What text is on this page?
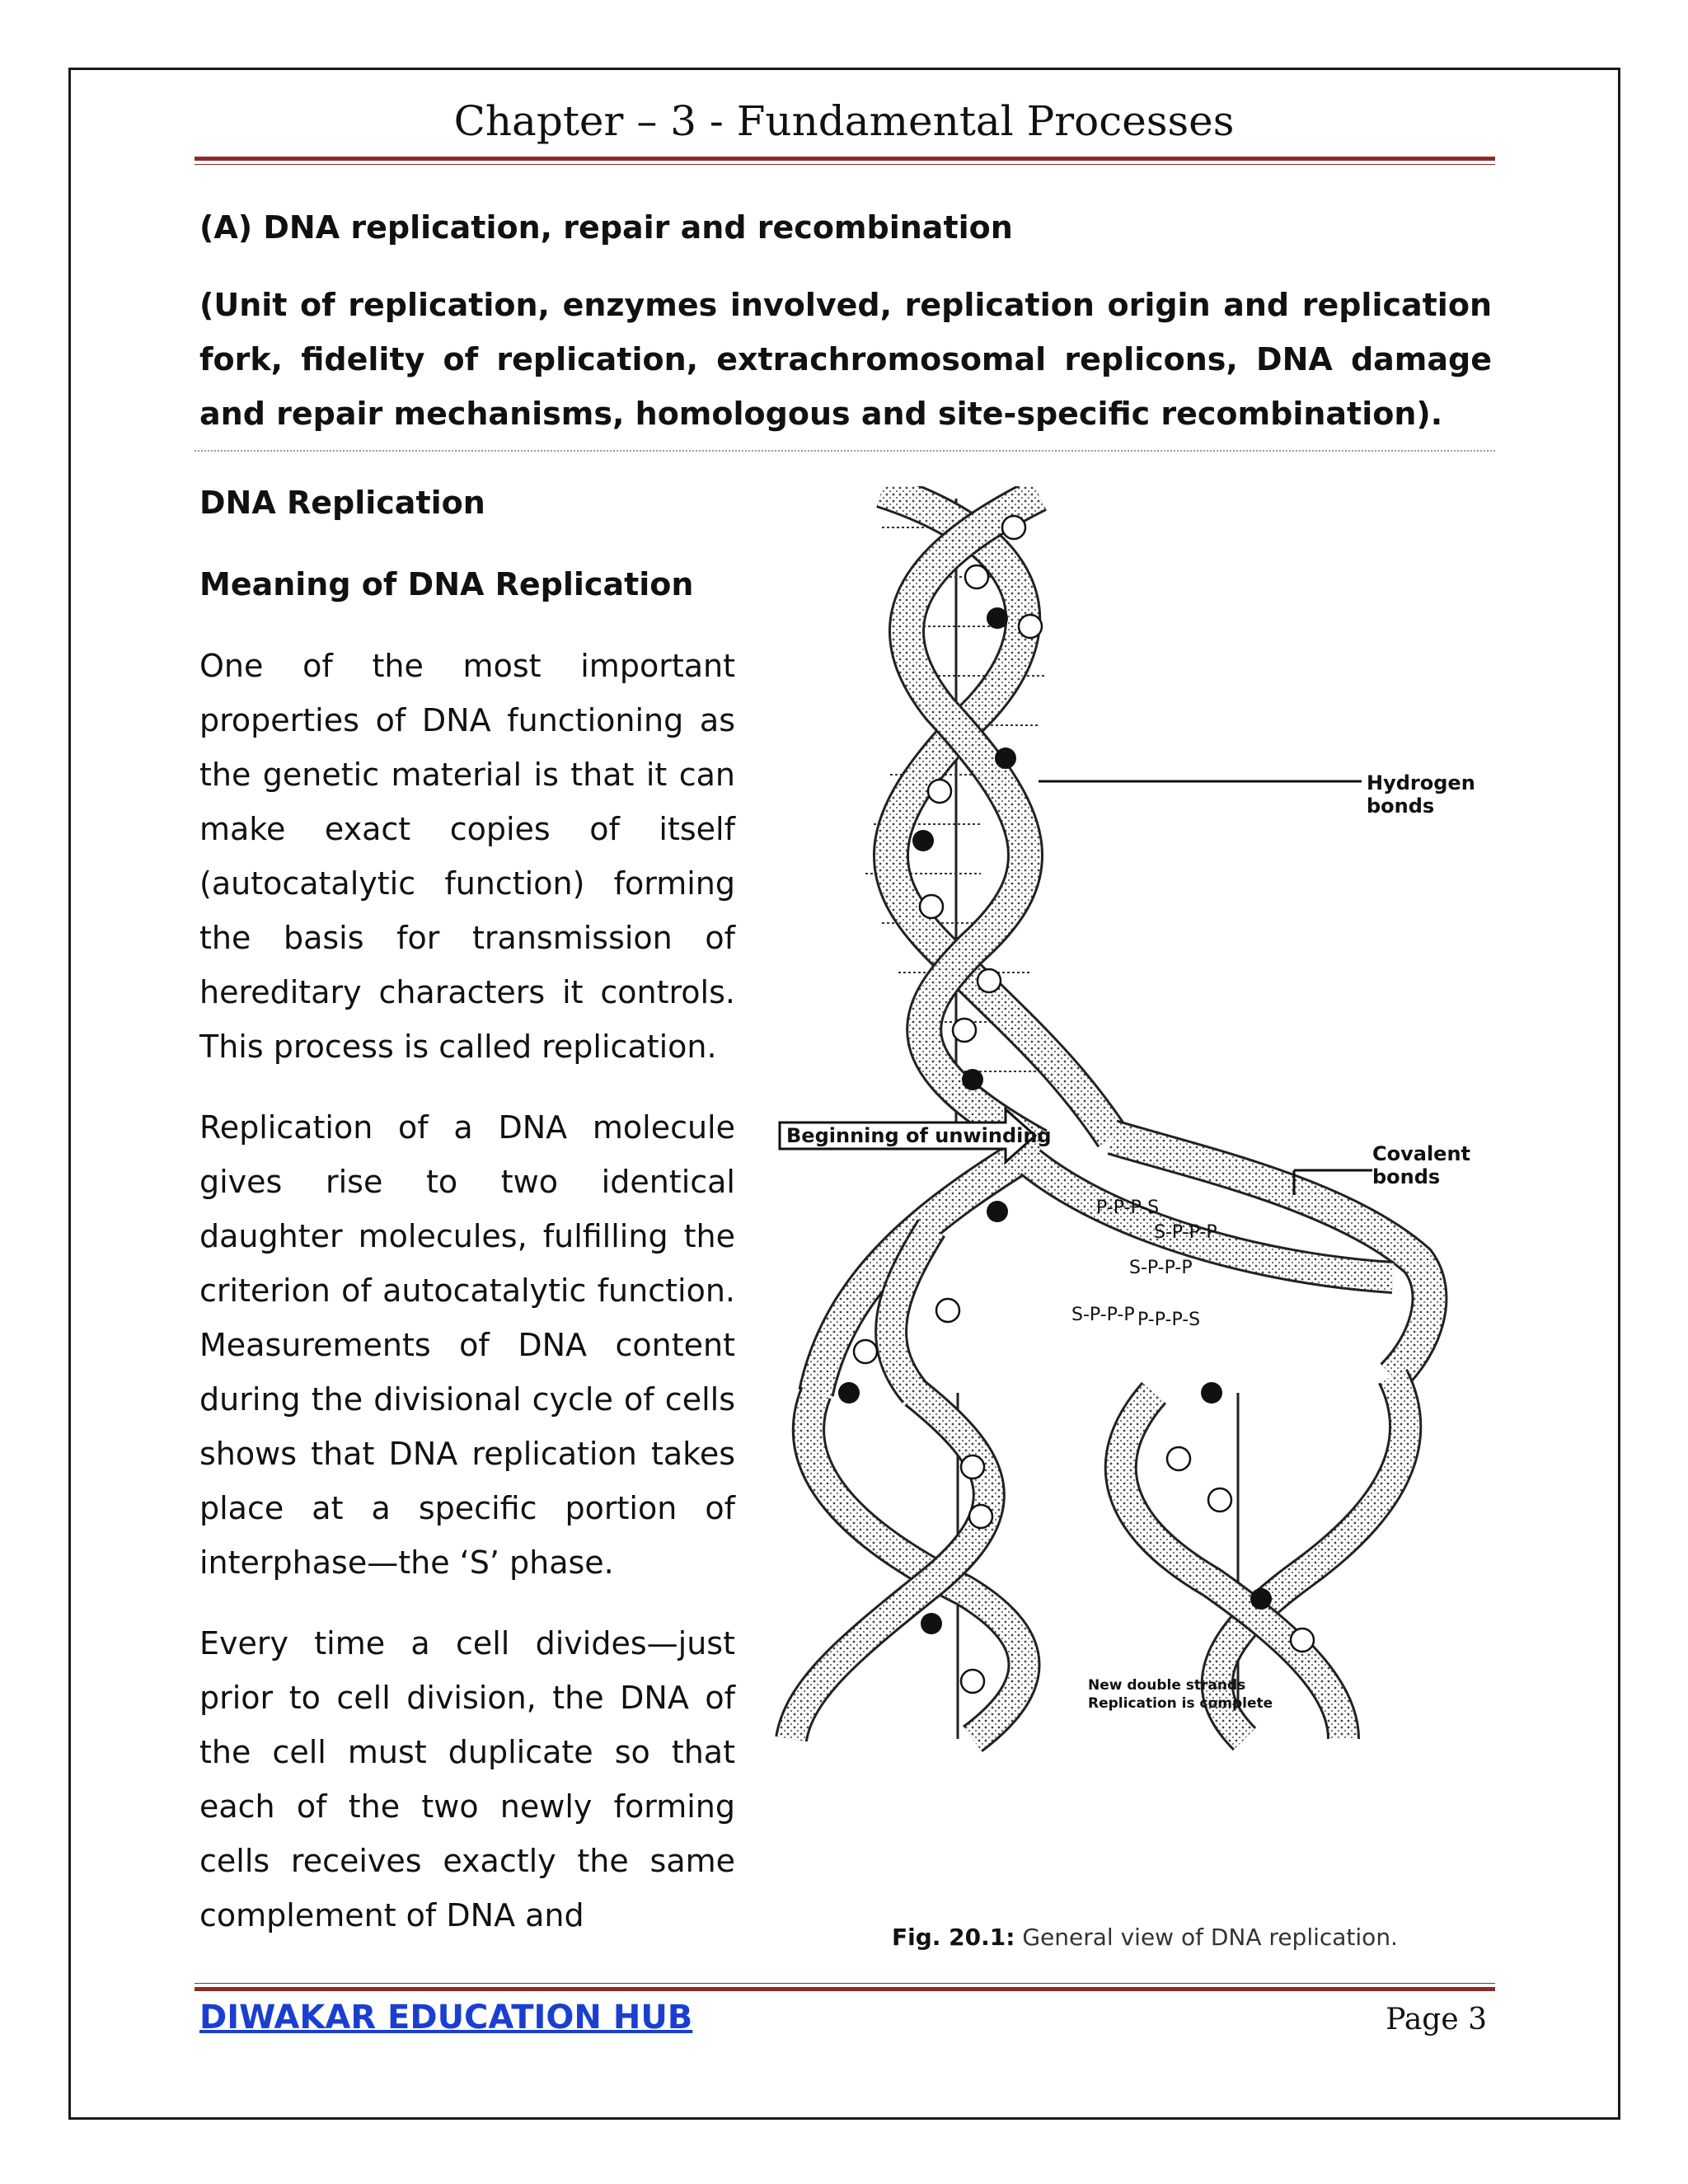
Chapter – 3 - Fundamental Processes
(A) DNA replication, repair and recombination
(Unit of replication, enzymes involved, replication origin and replication fork, fidelity of replication, extrachromosomal replicons, DNA damage and repair mechanisms, homologous and site-specific recombination).
DNA Replication
Meaning of DNA Replication
One of the most important properties of DNA functioning as the genetic material is that it can make exact copies of itself (autocatalytic function) forming the basis for transmission of hereditary characters it controls. This process is called replication.
Replication of a DNA molecule gives rise to two identical daughter molecules, fulfilling the criterion of autocatalytic function. Measurements of DNA content during the divisional cycle of cells shows that DNA replication takes place at a specific portion of interphase—the ‘S’ phase.
Every time a cell divides—just prior to cell division, the DNA of the cell must duplicate so that each of the two newly forming cells receives exactly the same complement of DNA and
P-P-P-S
S-P-P-P
S-P-P-P
S-P-P-P P-P-P-S
Hydrogen
bonds
Covalent
bonds
Beginning of unwinding
New double strands
Replication is complete
Fig. 20.1: General view of DNA replication.
DIWAKAR EDUCATION HUB	Page 3
